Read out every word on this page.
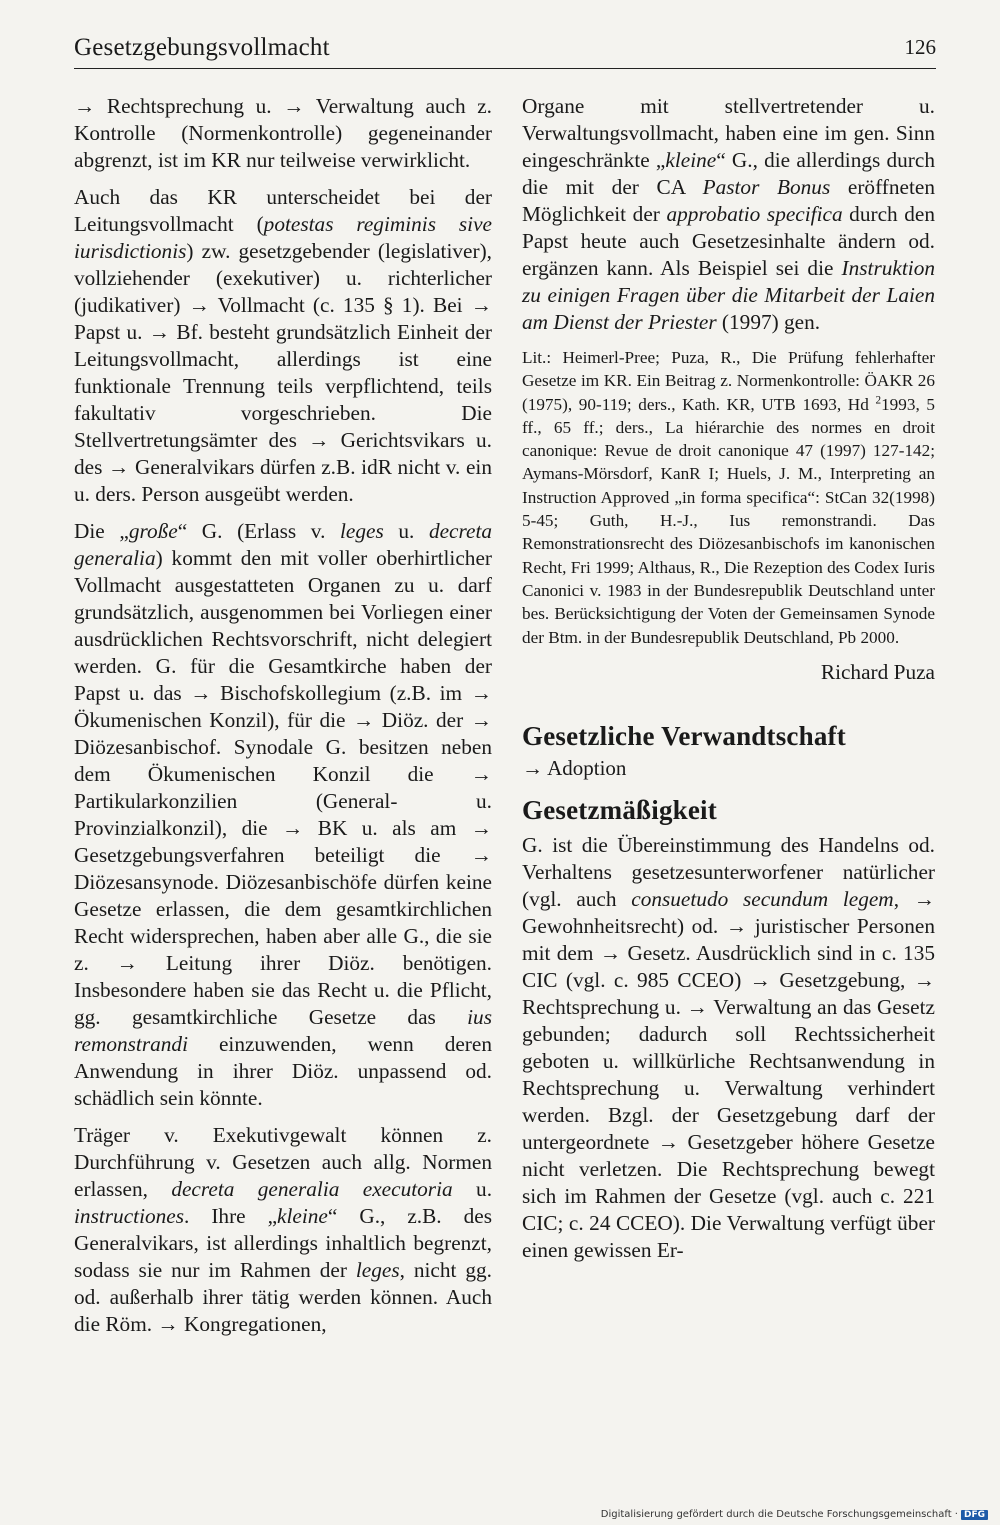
Gesetzgebungsvollmacht	126

→ Rechtsprechung u. → Verwaltung auch z. Kontrolle (Normenkontrolle) gegeneinander abgrenzt, ist im KR nur teilweise verwirklicht.

Auch das KR unterscheidet bei der Leitungsvollmacht (potestas regiminis sive iurisdictionis) zw. gesetzgebender (legislativer), vollziehender (exekutiver) u. richterlicher (judikativer) → Vollmacht (c. 135 § 1). Bei → Papst u. → Bf. besteht grundsätzlich Einheit der Leitungsvollmacht, allerdings ist eine funktionale Trennung teils verpflichtend, teils fakultativ vorgeschrieben. Die Stellvertretungsämter des → Gerichtsvikars u. des → Generalvikars dürfen z.B. idR nicht v. ein u. ders. Person ausgeübt werden.

Die „große“ G. (Erlass v. leges u. decreta generalia) kommt den mit voller oberhirtlicher Vollmacht ausgestatteten Organen zu u. darf grundsätzlich, ausgenommen bei Vorliegen einer ausdrücklichen Rechtsvorschrift, nicht delegiert werden. G. für die Gesamtkirche haben der Papst u. das → Bischofskollegium (z.B. im → Ökumenischen Konzil), für die → Diöz. der → Diözesanbischof. Synodale G. besitzen neben dem Ökumenischen Konzil die → Partikularkonzilien (General- u. Provinzialkonzil), die → BK u. als am → Gesetzgebungsverfahren beteiligt die → Diözesansynode. Diözesanbischöfe dürfen keine Gesetze erlassen, die dem gesamtkirchlichen Recht widersprechen, haben aber alle G., die sie z. → Leitung ihrer Diöz. benötigen. Insbesondere haben sie das Recht u. die Pflicht, gg. gesamtkirchliche Gesetze das ius remonstrandi einzuwenden, wenn deren Anwendung in ihrer Diöz. unpassend od. schädlich sein könnte.

Träger v. Exekutivgewalt können z. Durchführung v. Gesetzen auch allg. Normen erlassen, decreta generalia executoria u. instructiones. Ihre „kleine“ G., z.B. des Generalvikars, ist allerdings inhaltlich begrenzt, sodass sie nur im Rahmen der leges, nicht gg. od. außerhalb ihrer tätig werden können. Auch die Röm. → Kongregationen,

Organe mit stellvertretender u. Verwaltungsvollmacht, haben eine im gen. Sinn eingeschränkte „kleine“ G., die allerdings durch die mit der CA Pastor Bonus eröffneten Möglichkeit der approbatio specifica durch den Papst heute auch Gesetzesinhalte ändern od. ergänzen kann. Als Beispiel sei die Instruktion zu einigen Fragen über die Mitarbeit der Laien am Dienst der Priester (1997) gen.

Lit.: Heimerl-Pree; Puza, R., Die Prüfung fehlerhafter Gesetze im KR. Ein Beitrag z. Normenkontrolle: ÖAKR 26 (1975), 90-119; ders., Kath. KR, UTB 1693, Hd $^2$1993, 5 ff., 65 ff.; ders., La hiérarchie des normes en droit canonique: Revue de droit canonique 47 (1997) 127-142; Aymans-Mörsdorf, KanR I; Huels, J. M., Interpreting an Instruction Approved „in forma specifica“: StCan 32(1998) 5-45; Guth, H.-J., Ius remonstrandi. Das Remonstrationsrecht des Diözesanbischofs im kanonischen Recht, Fri 1999; Althaus, R., Die Rezeption des Codex Iuris Canonici v. 1983 in der Bundesrepublik Deutschland unter bes. Berücksichtigung der Voten der Gemeinsamen Synode der Btm. in der Bundesrepublik Deutschland, Pb 2000.

Richard Puza

Gesetzliche Verwandtschaft
→ Adoption
Gesetzmäßigkeit

G. ist die Übereinstimmung des Handelns od. Verhaltens gesetzesunterworfener natürlicher (vgl. auch consuetudo secundum legem, → Gewohnheitsrecht) od. → juristischer Personen mit dem → Gesetz. Ausdrücklich sind in c. 135 CIC (vgl. c. 985 CCEO) → Gesetzgebung, → Rechtsprechung u. → Verwaltung an das Gesetz gebunden; dadurch soll Rechtssicherheit geboten u. willkürliche Rechtsanwendung in Rechtsprechung u. Verwaltung verhindert werden. Bzgl. der Gesetzgebung darf der untergeordnete → Gesetzgeber höhere Gesetze nicht verletzen. Die Rechtsprechung bewegt sich im Rahmen der Gesetze (vgl. auch c. 221 CIC; c. 24 CCEO). Die Verwaltung verfügt über einen gewissen Er-

Digitalisierung gefördert durch die Deutsche Forschungsgemeinschaft · DFG
